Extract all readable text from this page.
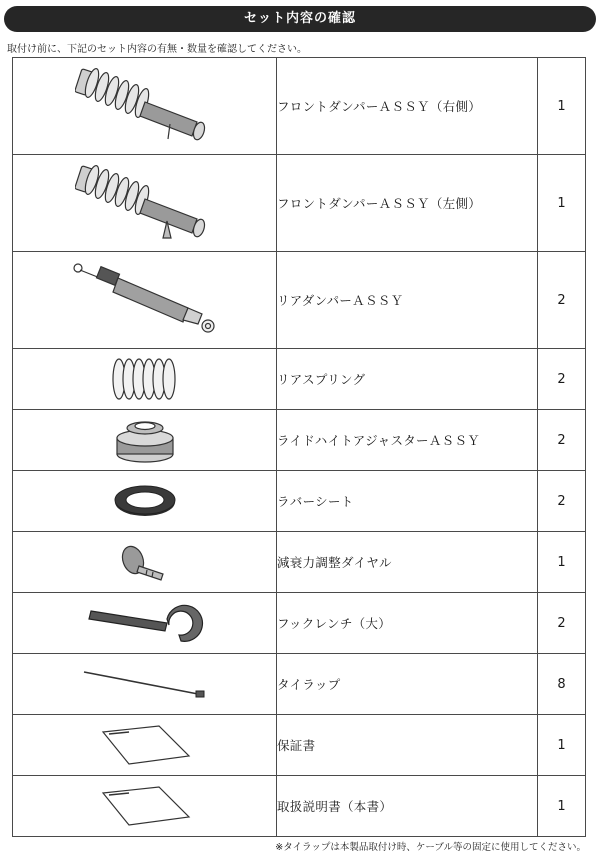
セット内容の確認
取付け前に、下記のセット内容の有無・数量を確認してください。
	フロントダンパーＡＳＳＹ（右側）	1

	フロントダンパーＡＳＳＹ（左側）	1

	リアダンパーＡＳＳＹ	2

	リアスプリング	2

	ライドハイトアジャスターＡＳＳＹ	2

	ラバーシート	2

	減衰力調整ダイヤル	1

	フックレンチ（大）	2

	タイラップ	8

	保証書	1

	取扱説明書（本書）	1
※タイラップは本製品取付け時、ケーブル等の固定に使用してください。
